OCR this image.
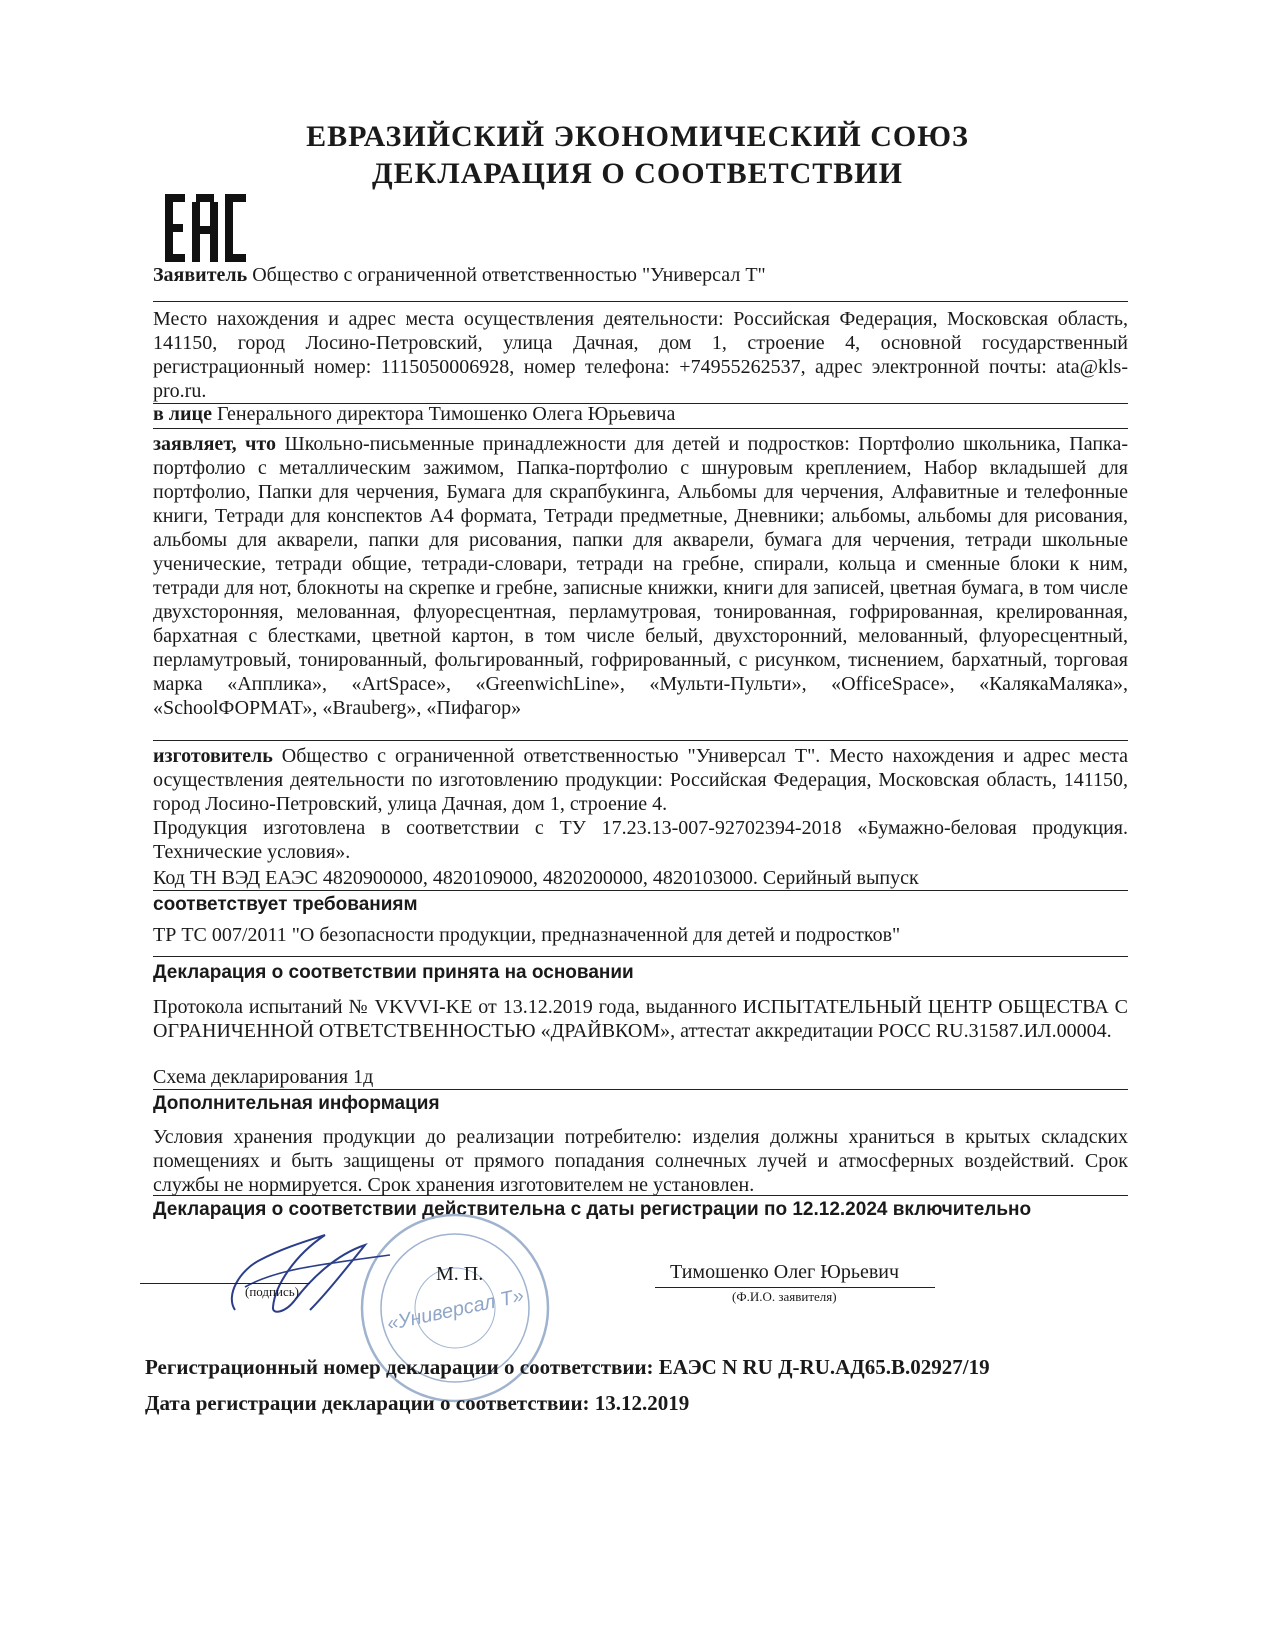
ЕВРАЗИЙСКИЙ ЭКОНОМИЧЕСКИЙ СОЮЗ
ДЕКЛАРАЦИЯ О СООТВЕТСТВИИ
Заявитель Общество с ограниченной ответственностью "Универсал Т"
Место нахождения и адрес места осуществления деятельности: Российская Федерация, Московская область, 141150, город Лосино-Петровский, улица Дачная, дом 1, строение 4, основной государственный регистрационный номер: 1115050006928, номер телефона: +74955262537, адрес электронной почты: ata@kls-pro.ru.
в лице Генерального директора Тимошенко Олега Юрьевича
заявляет, что Школьно-письменные принадлежности для детей и подростков: Портфолио школьника, Папка-портфолио с металлическим зажимом, Папка-портфолио с шнуровым креплением, Набор вкладышей для портфолио, Папки для черчения, Бумага для скрапбукинга, Альбомы для черчения, Алфавитные и телефонные книги, Тетради для конспектов А4 формата, Тетради предметные, Дневники; альбомы, альбомы для рисования, альбомы для акварели, папки для рисования, папки для акварели, бумага для черчения, тетради школьные ученические, тетради общие, тетради-словари, тетради на гребне, спирали, кольца и сменные блоки к ним, тетради для нот, блокноты на скрепке и гребне, записные книжки, книги для записей, цветная бумага, в том числе двухсторонняя, мелованная, флуоресцентная, перламутровая, тонированная, гофрированная, крелированная, бархатная с блестками, цветной картон, в том числе белый, двухсторонний, мелованный, флуоресцентный, перламутровый, тонированный, фольгированный, гофрированный, с рисунком, тиснением, бархатный, торговая марка «Апплика», «ArtSpace», «GreenwichLine», «Мульти-Пульти», «OfficeSpace», «КалякаМаляка», «SchoolФОРМАТ», «Brauberg», «Пифагор»
изготовитель Общество с ограниченной ответственностью "Универсал Т". Место нахождения и адрес места осуществления деятельности по изготовлению продукции: Российская Федерация, Московская область, 141150, город Лосино-Петровский, улица Дачная, дом 1, строение 4.
Продукция изготовлена в соответствии с ТУ 17.23.13-007-92702394-2018 «Бумажно-беловая продукция. Технические условия».
Код ТН ВЭД ЕАЭС 4820900000, 4820109000, 4820200000, 4820103000. Серийный выпуск
соответствует требованиям
ТР ТС 007/2011 "О безопасности продукции, предназначенной для детей и подростков"
Декларация о соответствии принята на основании
Протокола испытаний № VKVVI-KE от 13.12.2019 года, выданного ИСПЫТАТЕЛЬНЫЙ ЦЕНТР ОБЩЕСТВА С ОГРАНИЧЕННОЙ ОТВЕТСТВЕННОСТЬЮ «ДРАЙВКОМ», аттестат аккредитации РОСС RU.31587.ИЛ.00004.
Схема декларирования 1д
Дополнительная информация
Условия хранения продукции до реализации потребителю: изделия должны храниться в крытых складских помещениях и быть защищены от прямого попадания солнечных лучей и атмосферных воздействий. Срок службы не нормируется. Срок хранения изготовителем не установлен.
Декларация о соответствии действительна с даты регистрации по 12.12.2024 включительно
«Универсал Т»
(подпись)
М. П.	Тимошенко Олег Юрьевич
(Ф.И.О. заявителя)
Регистрационный номер декларации о соответствии: ЕАЭС N RU Д-RU.АД65.В.02927/19
Дата регистрации декларации о соответствии: 13.12.2019
